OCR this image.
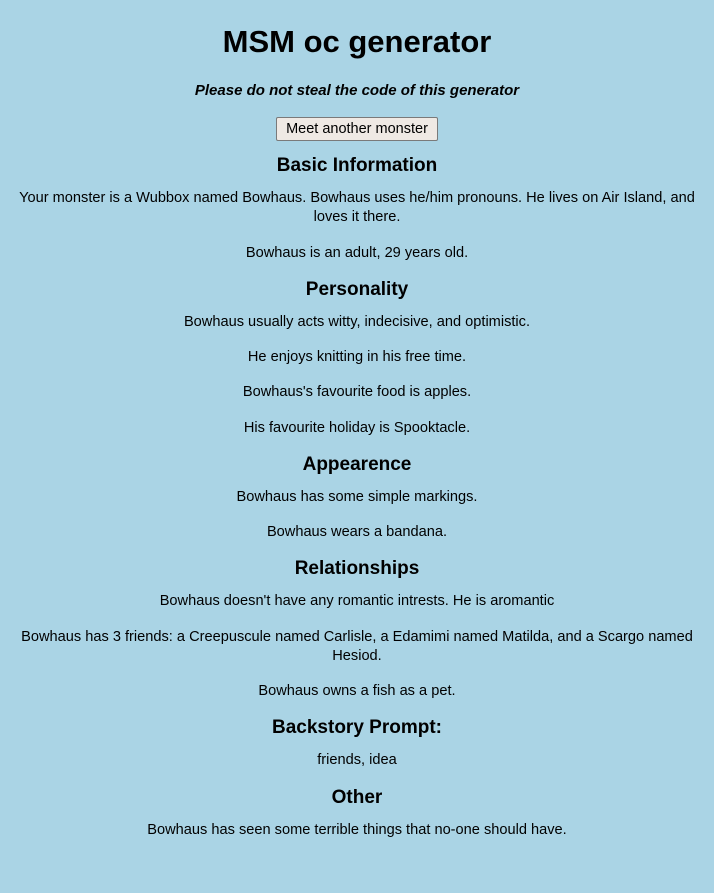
MSM oc generator

Please do not steal the code of this generator

Meet another monster
Basic Information

Your monster is a Wubbox named Bowhaus. Bowhaus uses he/him pronouns. He lives on Air Island, and loves it there.

Bowhaus is an adult, 29 years old.

Personality

Bowhaus usually acts witty, indecisive, and optimistic.

He enjoys knitting in his free time.

Bowhaus's favourite food is apples.

His favourite holiday is Spooktacle.

Appearence

Bowhaus has some simple markings.

Bowhaus wears a bandana.

Relationships

Bowhaus doesn't have any romantic intrests. He is aromantic

Bowhaus has 3 friends: a Creepuscule named Carlisle, a Edamimi named Matilda, and a Scargo named Hesiod.

Bowhaus owns a fish as a pet.

Backstory Prompt:

friends, idea

Other

Bowhaus has seen some terrible things that no-one should have.
